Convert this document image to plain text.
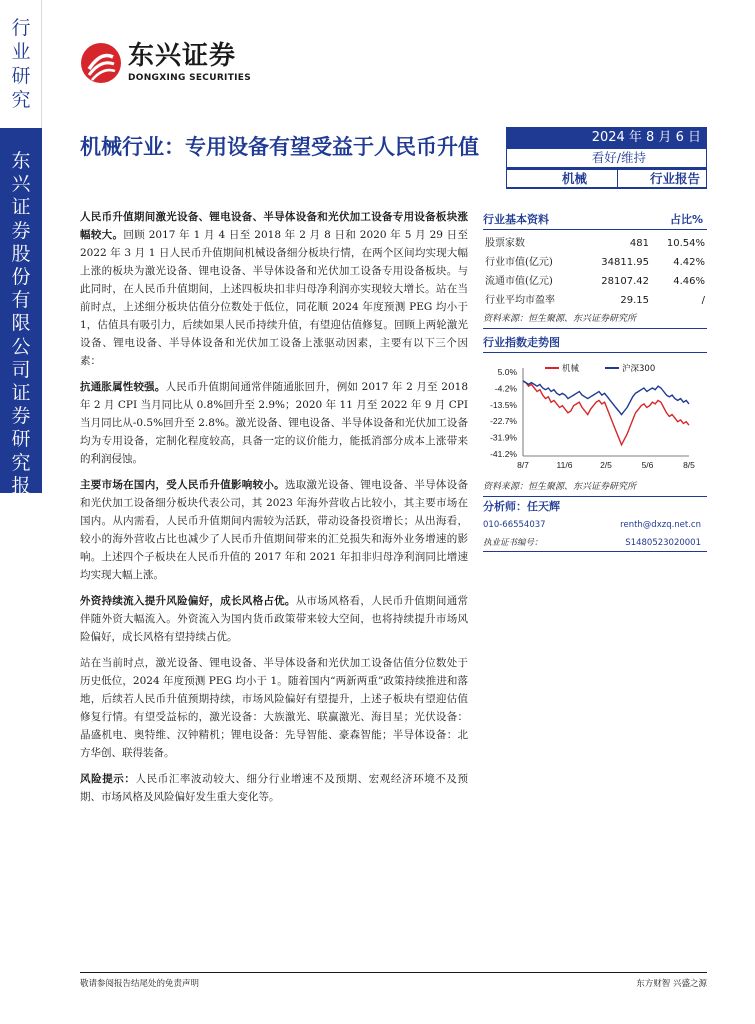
行
业
研
究
东
兴
证
券
股
份
有
限
公
司
证
券
研
究
报
告
东兴证券
DONGXING SECURITIES
机械行业：专用设备有望受益于人民币升值	2024 年 8 月 6 日
看好/维持
机械	行业报告

人民币升值期间激光设备、锂电设备、半导体设备和光伏加工设备专用设备板块涨幅较大。回顾 2017 年 1 月 4 日至 2018 年 2 月 8 日和 2020 年 5 月 29 日至 2022 年 3 月 1 日人民币升值期间机械设备细分板块行情，在两个区间均实现大幅上涨的板块为激光设备、锂电设备、半导体设备和光伏加工设备专用设备板块。与此同时，在人民币升值期间，上述四板块扣非归母净利润亦实现较大增长。站在当前时点，上述细分板块估值分位数处于低位，同花顺 2024 年度预测 PEG 均小于 1，估值具有吸引力，后续如果人民币持续升值，有望迎估值修复。回顾上两轮激光设备、锂电设备、半导体设备和光伏加工设备上涨驱动因素，主要有以下三个因素：

抗通胀属性较强。人民币升值期间通常伴随通胀回升，例如 2017 年 2 月至 2018 年 2 月 CPI 当月同比从 0.8%回升至 2.9%；2020 年 11 月至 2022 年 9 月 CPI 当月同比从-0.5%回升至 2.8%。激光设备、锂电设备、半导体设备和光伏加工设备均为专用设备，定制化程度较高，具备一定的议价能力，能抵消部分成本上涨带来的利润侵蚀。

主要市场在国内，受人民币升值影响较小。选取激光设备、锂电设备、半导体设备和光伏加工设备细分板块代表公司，其 2023 年海外营收占比较小，其主要市场在国内。从内需看，人民币升值期间内需较为活跃，带动设备投资增长；从出海看，较小的海外营收占比也减少了人民币升值期间带来的汇兑损失和海外业务增速的影响。上述四个子板块在人民币升值的 2017 年和 2021 年扣非归母净利润同比增速均实现大幅上涨。

外资持续流入提升风险偏好，成长风格占优。从市场风格看，人民币升值期间通常伴随外资大幅流入。外资流入为国内货币政策带来较大空间，也将持续提升市场风险偏好，成长风格有望持续占优。

站在当前时点，激光设备、锂电设备、半导体设备和光伏加工设备估值分位数处于历史低位，2024 年度预测 PEG 均小于 1。随着国内“两新两重”政策持续推进和落地，后续若人民币升值预期持续，市场风险偏好有望提升，上述子板块有望迎估值修复行情。有望受益标的，激光设备：大族激光、联赢激光、海目星；光伏设备：晶盛机电、奥特维、汉钟精机；锂电设备：先导智能、豪森智能；半导体设备：北方华创、联得装备。

风险提示：人民币汇率波动较大、细分行业增速不及预期、宏观经济环境不及预期、市场风格及风险偏好发生重大变化等。

行业基本资料	占比%
股票家数	481	10.54%
行业市值(亿元)	34811.95	4.42%
流通市值(亿元)	28107.42	4.46%
行业平均市盈率	29.15	/
资料来源：恒生聚源、东兴证券研究所
行业指数走势图
5.0%
-4.2%
-13.5%
-22.7%
-31.9%
-41.2%
8/7	11/6	2/5	5/6	8/5
机械	沪深300
资料来源：恒生聚源、东兴证券研究所
分析师：任天辉
010-66554037	renth@dxzq.net.cn
执业证书编号：	S1480523020001
敬请参阅报告结尾处的免责声明	东方财智 兴盛之源
